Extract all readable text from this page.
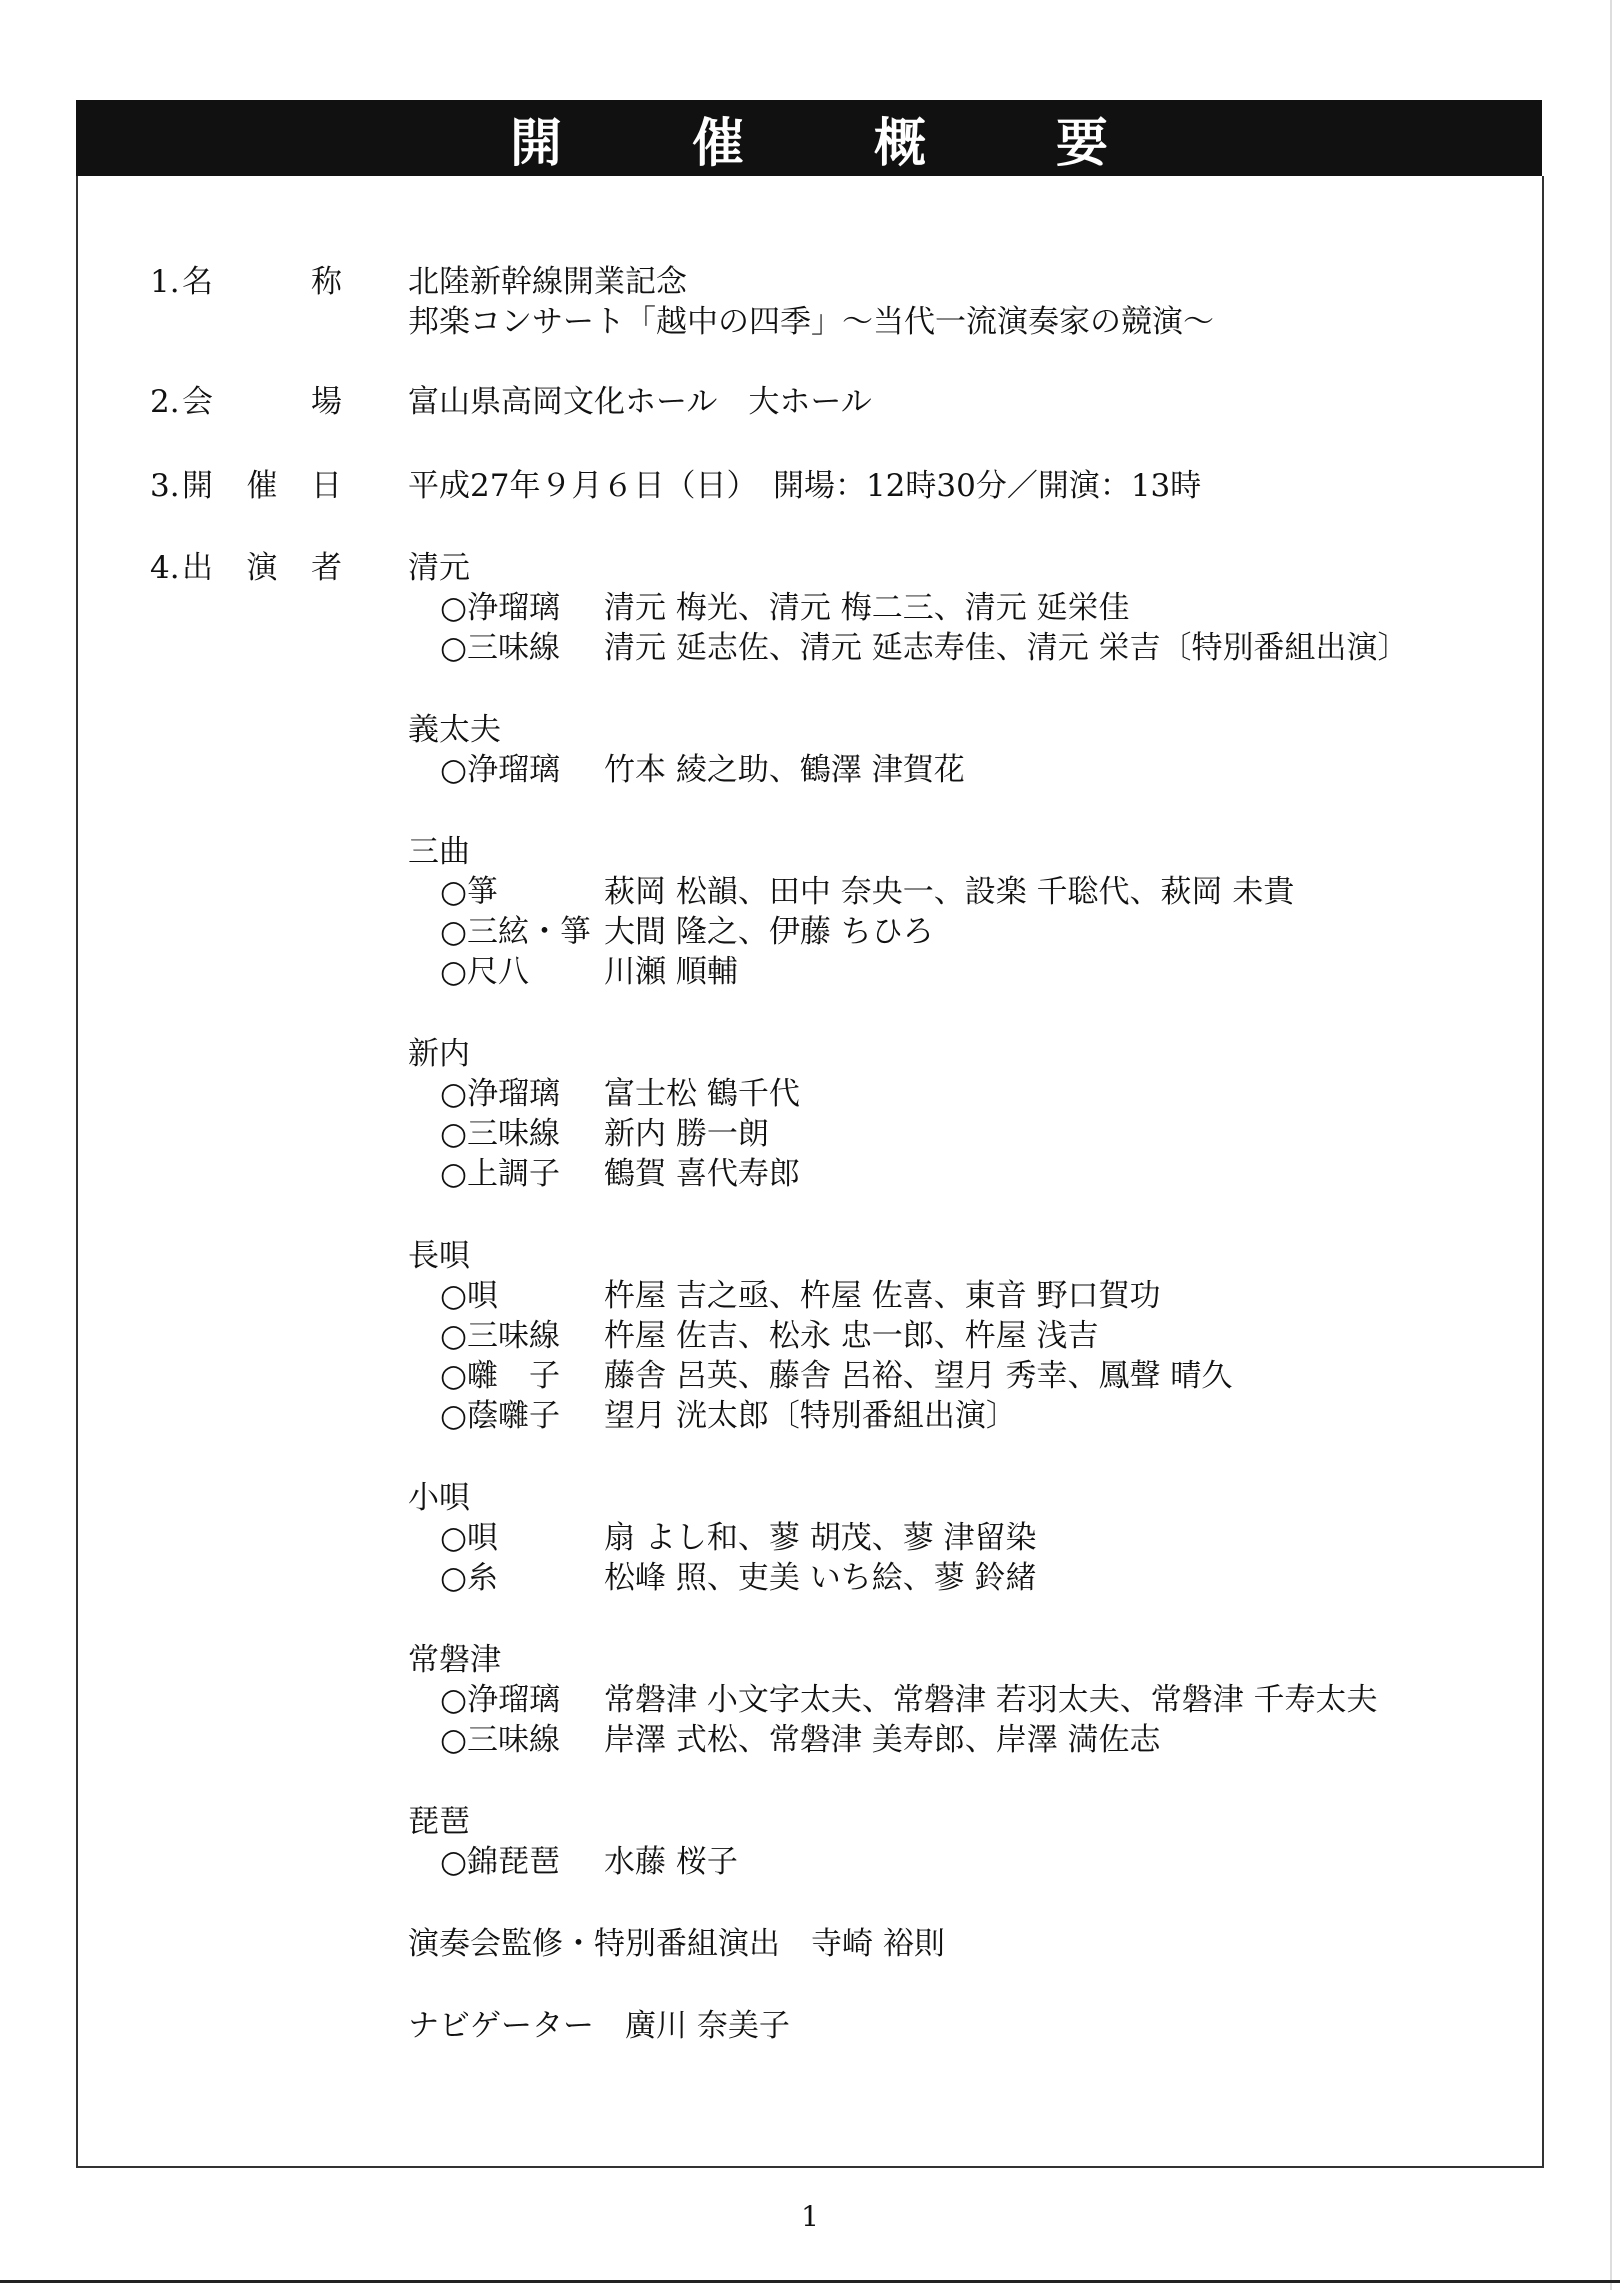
開催概要
1. 名	称 北陸新幹線開業記念
邦楽コンサート「越中の四季」～当代一流演奏家の競演～
2. 会	場 富山県高岡文化ホール　大ホール
3. 開 催 日 平成27年９月６日（日）　開場：12時30分／開演：13時
4. 出 演 者 清元
○浄瑠璃 清元 梅光、清元 梅二三、清元 延栄佳
○三味線 清元 延志佐、清元 延志寿佳、清元 栄吉〔特別番組出演〕
義太夫
○浄瑠璃 竹本 綾之助、鶴澤 津賀花
三曲
○箏	萩岡 松韻、田中 奈央一、設楽 千聡代、萩岡 未貴
○三絃・箏 大間 隆之、伊藤 ちひろ
○尺八 川瀬 順輔
新内
○浄瑠璃 富士松 鶴千代
○三味線 新内 勝一朗
○上調子 鶴賀 喜代寿郎
長唄
○唄	杵屋 吉之亟、杵屋 佐喜、東音 野口賀功
○三味線 杵屋 佐吉、松永 忠一郎、杵屋 浅吉
○囃　子 藤舎 呂英、藤舎 呂裕、望月 秀幸、鳳聲 晴久
○蔭囃子 望月 洸太郎〔特別番組出演〕
小唄
○唄	扇 よし和、蓼 胡茂、蓼 津留染
○糸	松峰 照、吏美 いち絵、蓼 鈴緒
常磐津
○浄瑠璃 常磐津 小文字太夫、常磐津 若羽太夫、常磐津 千寿太夫
○三味線 岸澤 式松、常磐津 美寿郎、岸澤 満佐志
琵琶
○錦琵琶 水藤 桜子
演奏会監修・特別番組演出　寺崎 裕則
ナビゲーター　廣川 奈美子
1
